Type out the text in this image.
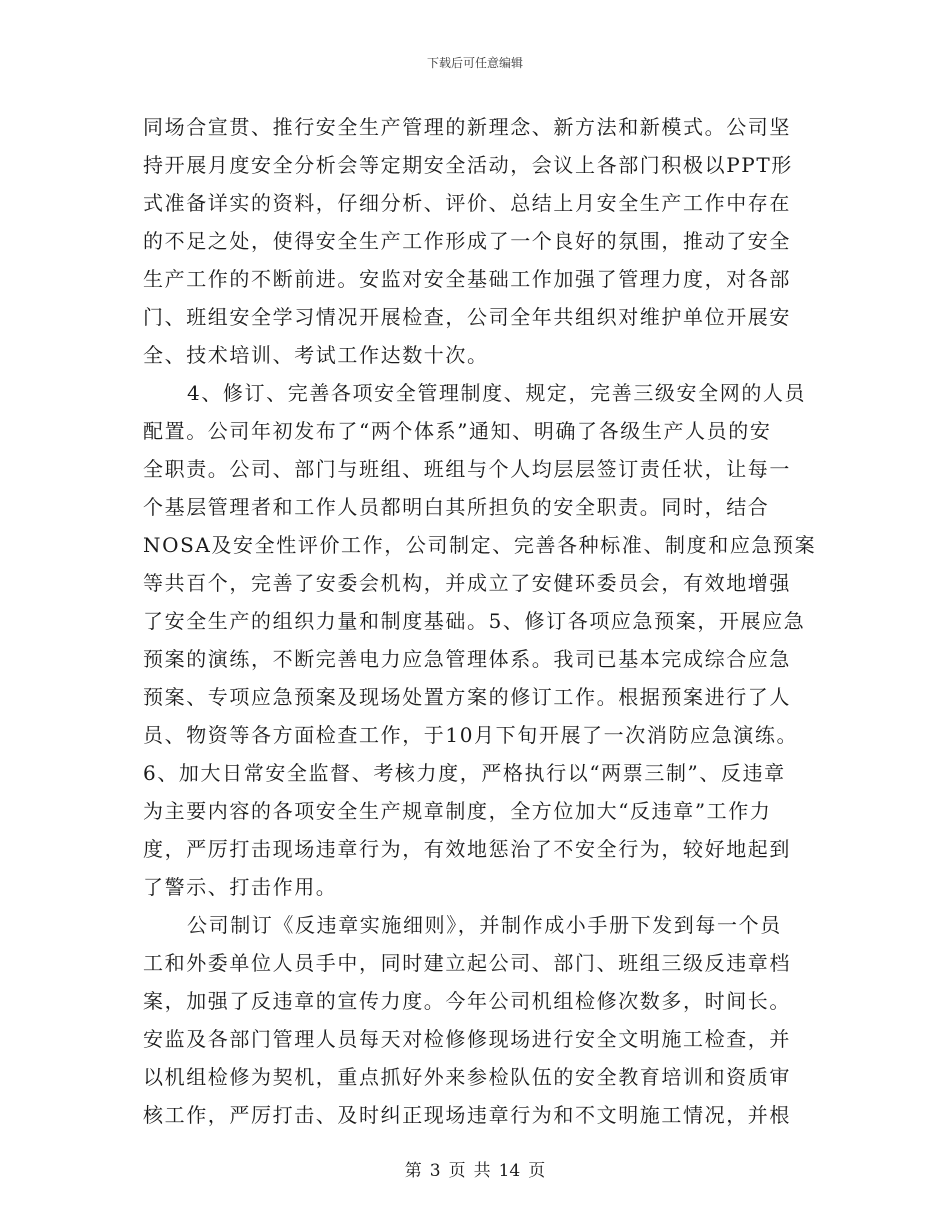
下载后可任意编辑
同场合宣贯、推行安全生产管理的新理念、新方法和新模式。公司坚
持开展月度安全分析会等定期安全活动，会议上各部门积极以PPT形
式准备详实的资料，仔细分析、评价、总结上月安全生产工作中存在
的不足之处，使得安全生产工作形成了一个良好的氛围，推动了安全
生产工作的不断前进。安监对安全基础工作加强了管理力度，对各部
门、班组安全学习情况开展检查，公司全年共组织对维护单位开展安
全、技术培训、考试工作达数十次。
4、修订、完善各项安全管理制度、规定，完善三级安全网的人员
配置。公司年初发布了“两个体系”通知、明确了各级生产人员的安
全职责。公司、部门与班组、班组与个人均层层签订责任状，让每一
个基层管理者和工作人员都明白其所担负的安全职责。同时，结合
NOSA及安全性评价工作，公司制定、完善各种标准、制度和应急预案
等共百个，完善了安委会机构，并成立了安健环委员会，有效地增强
了安全生产的组织力量和制度基础。5、修订各项应急预案，开展应急
预案的演练，不断完善电力应急管理体系。我司已基本完成综合应急
预案、专项应急预案及现场处置方案的修订工作。根据预案进行了人
员、物资等各方面检查工作，于10月下旬开展了一次消防应急演练。
6、加大日常安全监督、考核力度，严格执行以“两票三制”、反违章
为主要内容的各项安全生产规章制度，全方位加大“反违章”工作力
度，严厉打击现场违章行为，有效地惩治了不安全行为，较好地起到
了警示、打击作用。
公司制订《反违章实施细则》，并制作成小手册下发到每一个员
工和外委单位人员手中，同时建立起公司、部门、班组三级反违章档
案，加强了反违章的宣传力度。今年公司机组检修次数多，时间长。
安监及各部门管理人员每天对检修修现场进行安全文明施工检查，并
以机组检修为契机，重点抓好外来参检队伍的安全教育培训和资质审
核工作，严厉打击、及时纠正现场违章行为和不文明施工情况，并根
第 3 页 共 14 页
